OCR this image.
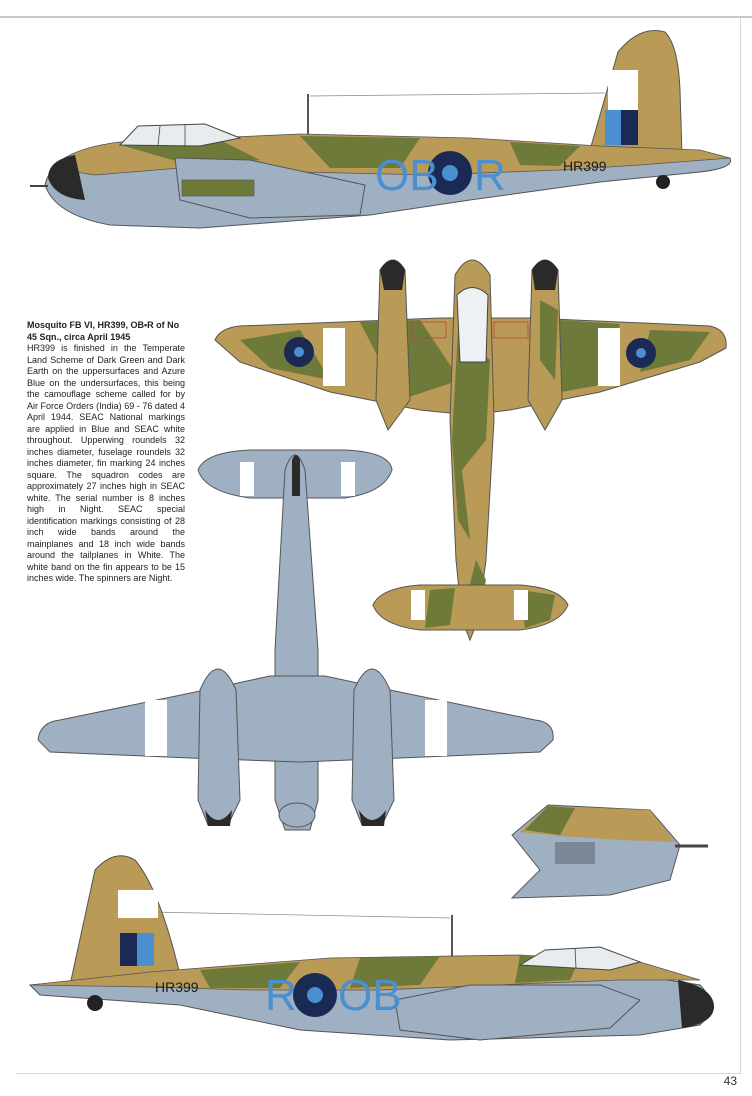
OB R	HR399
R OB
HR399
Mosquito FB VI, HR399, OB•R of No 45 Sqn., circa April 1945
HR399 is finished in the Temperate Land Scheme of Dark Green and Dark Earth on the uppersurfaces and Azure Blue on the undersurfaces, this being the camouflage scheme called for by Air Force Orders (India) 69 - 76 dated 4 April 1944. SEAC National markings are applied in Blue and SEAC white throughout. Upperwing roundels 32 inches diameter, fuselage roundels 32 inches diameter, fin marking 24 inches square. The squadron codes are approximately 27 inches high in SEAC white. The serial number is 8 inches high in Night. SEAC special identification markings consisting of 28 inch wide bands around the mainplanes and 18 inch wide bands around the tailplanes in White. The white band on the fin appears to be 15 inches wide. The spinners are Night.
43
